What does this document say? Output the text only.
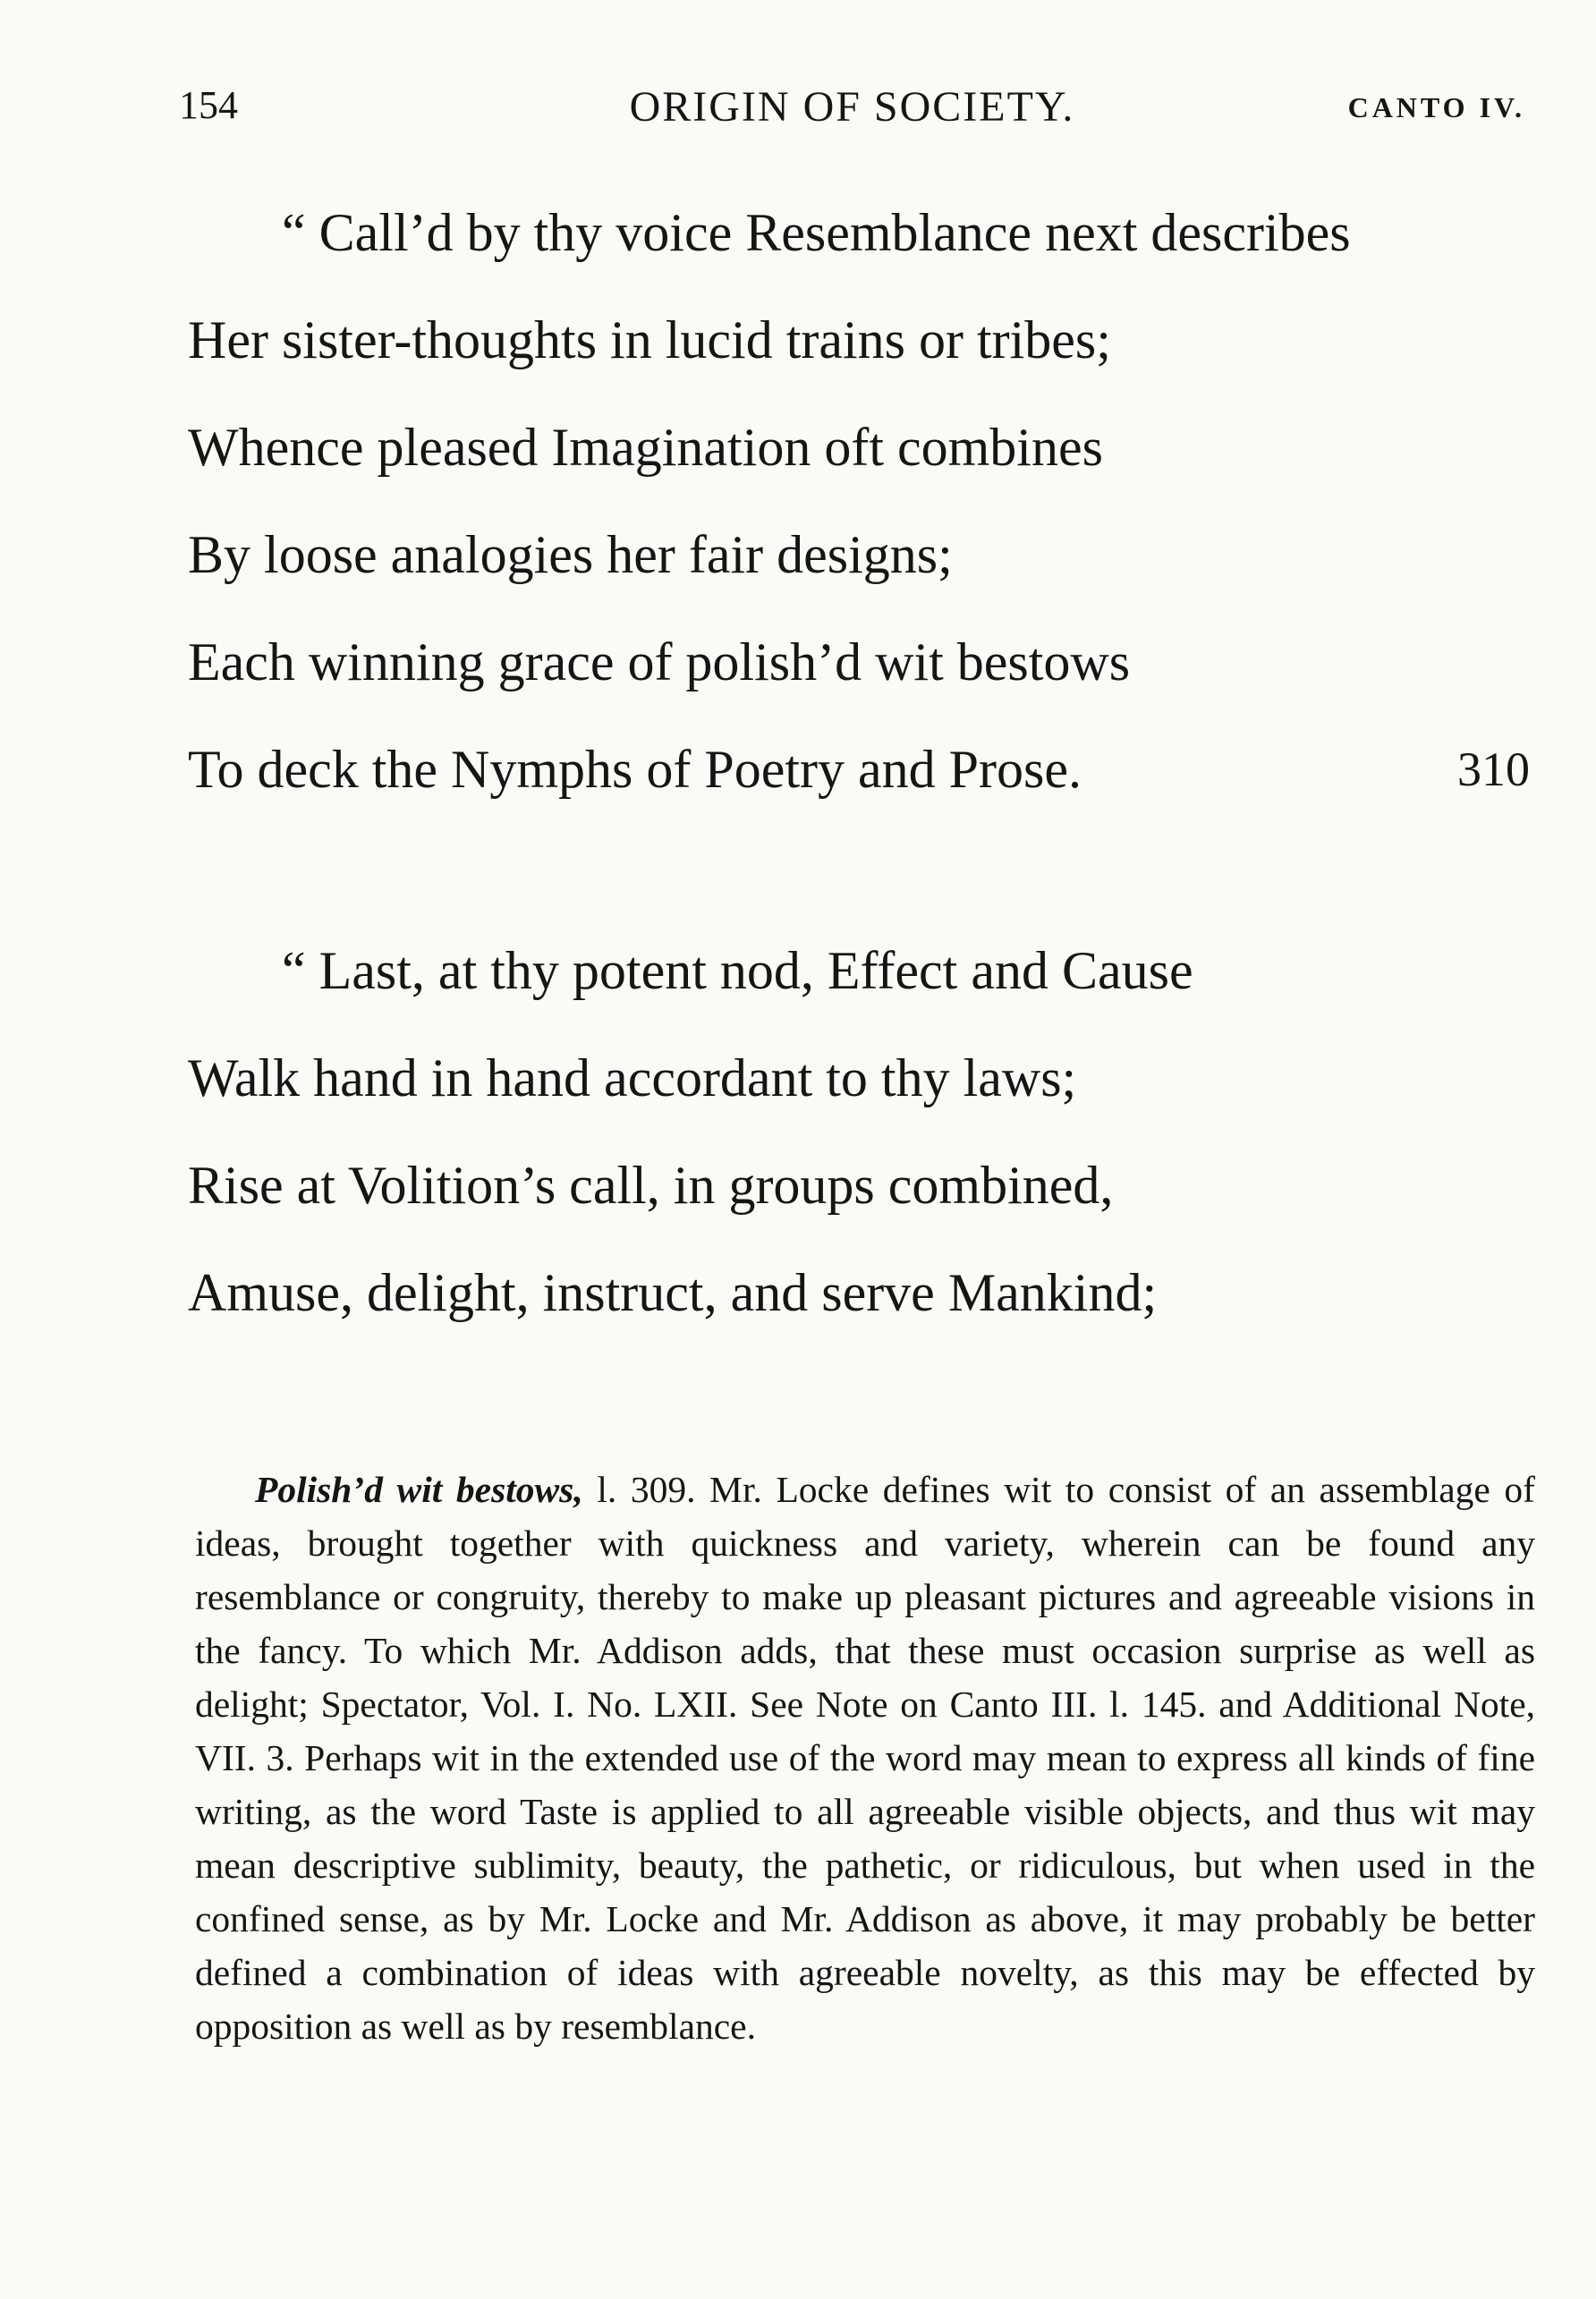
154	ORIGIN OF SOCIETY.	CANTO IV.
“ Call’d by thy voice Resemblance next describes
Her sister-thoughts in lucid trains or tribes;
Whence pleased Imagination oft combines
By loose analogies her fair designs;
Each winning grace of polish’d wit bestows
To deck the Nymphs of Poetry and Prose.	310
“ Last, at thy potent nod, Effect and Cause
Walk hand in hand accordant to thy laws;
Rise at Volition’s call, in groups combined,
Amuse, delight, instruct, and serve Mankind;

Polish’d wit bestows, l. 309. Mr. Locke defines wit to consist of an assemblage of ideas, brought together with quickness and variety, wherein can be found any resemblance or congruity, thereby to make up pleasant pictures and agreeable visions in the fancy. To which Mr. Addison adds, that these must occasion surprise as well as delight; Spectator, Vol. I. No. LXII. See Note on Canto III. l. 145. and Additional Note, VII. 3. Perhaps wit in the extended use of the word may mean to express all kinds of fine writing, as the word Taste is applied to all agreeable visible objects, and thus wit may mean descriptive sublimity, beauty, the pathetic, or ridiculous, but when used in the confined sense, as by Mr. Locke and Mr. Addison as above, it may probably be better defined a combination of ideas with agreeable novelty, as this may be effected by opposition as well as by resemblance.
